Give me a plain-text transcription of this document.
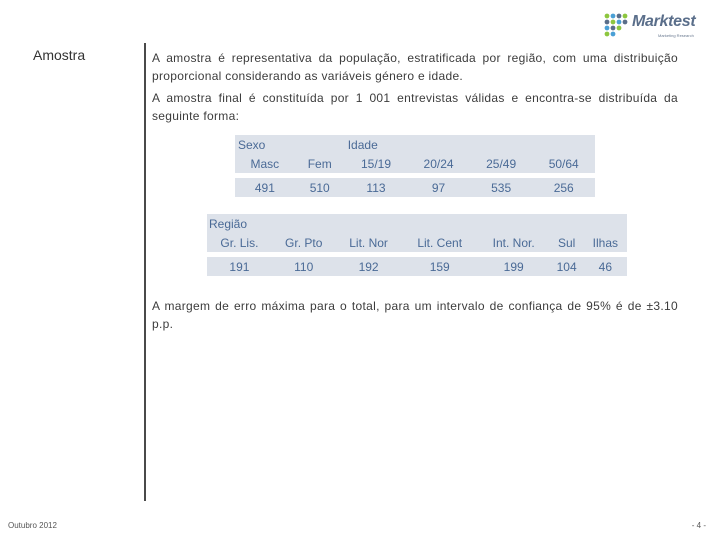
Marktest
Marketing Research
Amostra	A amostra é representativa da população, estratificada por região, com uma distribuição proporcional considerando as variáveis género e idade.
A amostra final é constituída por 1 001 entrevistas válidas e encontra-se distribuída da seguinte forma:
Sexo		Idade			
Masc	Fem	15/19	20/24	25/49	50/64

491	510	113	97	535	256
Região						
Gr. Lis.	Gr. Pto	Lit. Nor	Lit. Cent	Int. Nor.	Sul	Ilhas

191	110	192	159	199	104	46
A margem de erro máxima para o total, para um intervalo de confiança de 95% é de ±3.10 p.p.
Outubro 2012	- 4 -
